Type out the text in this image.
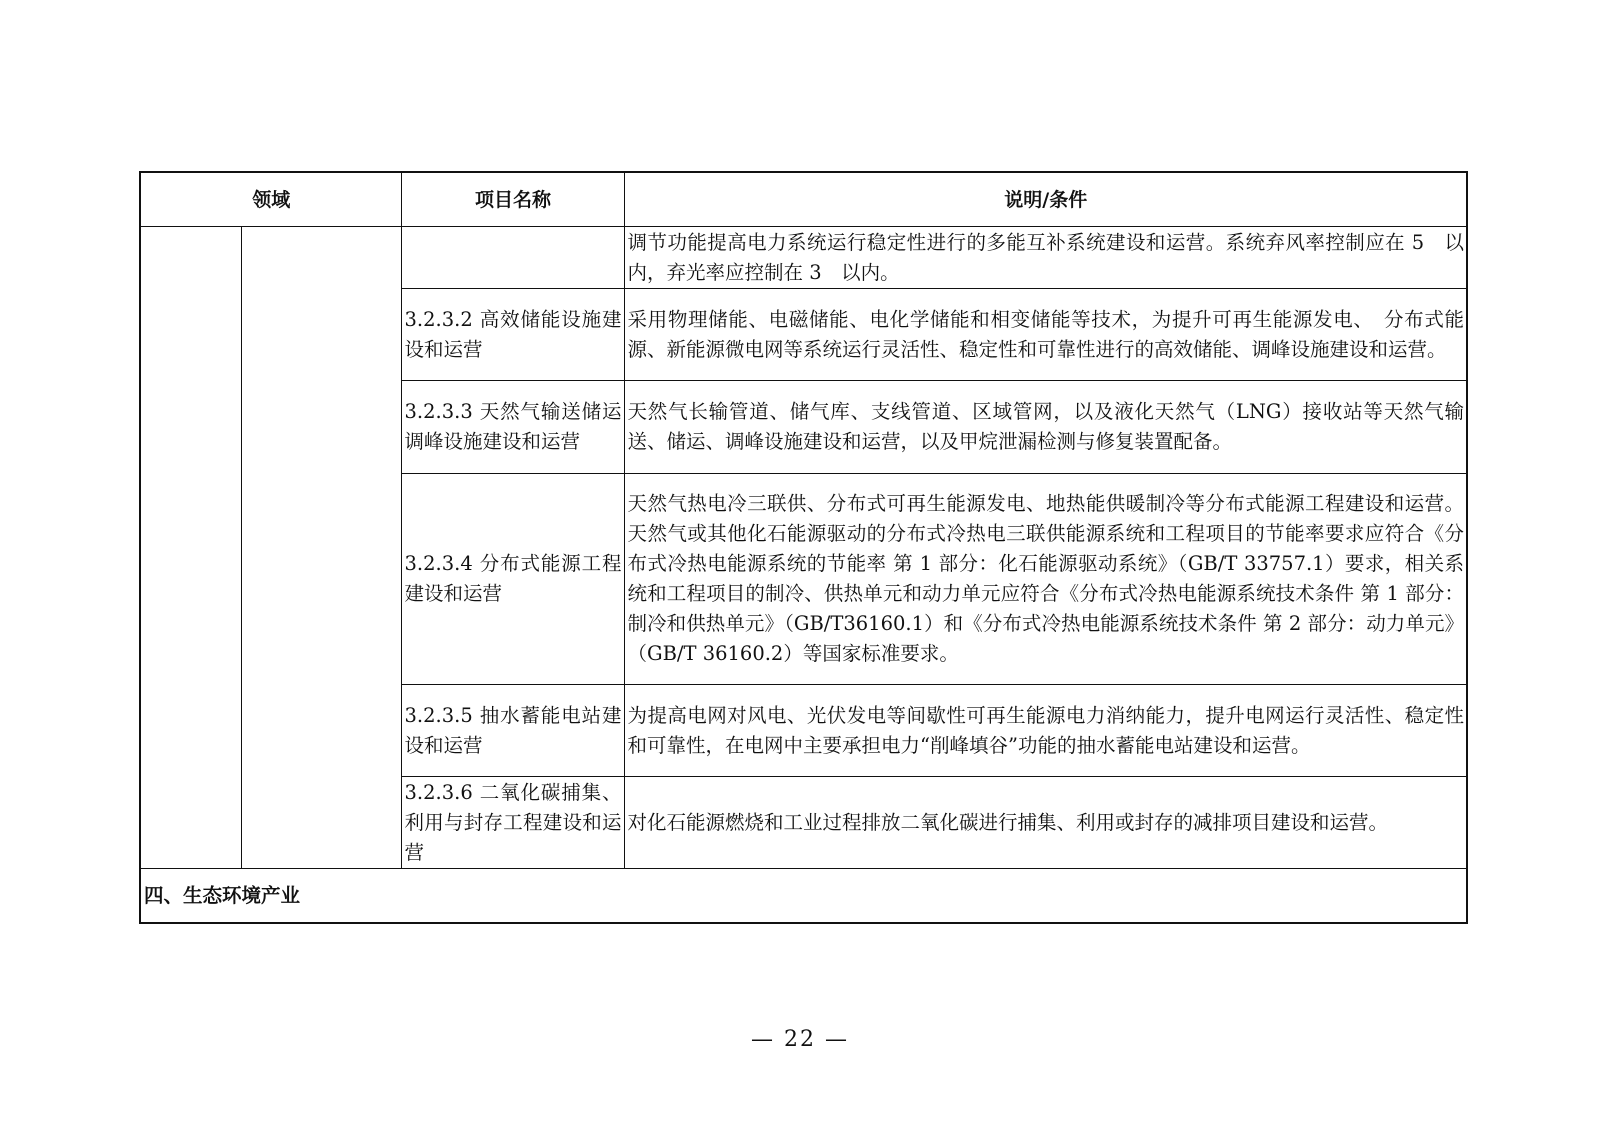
领域		项目名称	说明/条件
			调节功能提高电力系统运行稳定性进行的多能互补系统建设和运营。系统弃风率控制应在 5　以内，弃光率应控制在 3　以内。
		3.2.3.2 高效储能设施建设和运营	采用物理储能、电磁储能、电化学储能和相变储能等技术，为提升可再生能源发电、　分布式能源、新能源微电网等系统运行灵活性、稳定性和可靠性进行的高效储能、调峰设施建设和运营。
		3.2.3.3 天然气输送储运调峰设施建设和运营	天然气长输管道、储气库、支线管道、区域管网，以及液化天然气（LNG）接收站等天然气输送、储运、调峰设施建设和运营，以及甲烷泄漏检测与修复装置配备。
		3.2.3.4 分布式能源工程建设和运营	天然气热电冷三联供、分布式可再生能源发电、地热能供暖制冷等分布式能源工程建设和运营。天然气或其他化石能源驱动的分布式冷热电三联供能源系统和工程项目的节能率要求应符合《分布式冷热电能源系统的节能率 第 1 部分：化石能源驱动系统》（GB/T 33757.1）要求，相关系统和工程项目的制冷、供热单元和动力单元应符合《分布式冷热电能源系统技术条件 第 1 部分：制冷和供热单元》（GB/T36160.1）和《分布式冷热电能源系统技术条件 第 2 部分：动力单元》（GB/T 36160.2）等国家标准要求。
		3.2.3.5 抽水蓄能电站建设和运营	为提高电网对风电、光伏发电等间歇性可再生能源电力消纳能力，提升电网运行灵活性、稳定性和可靠性，在电网中主要承担电力“削峰填谷”功能的抽水蓄能电站建设和运营。
		3.2.3.6 二氧化碳捕集、利用与封存工程建设和运营	对化石能源燃烧和工业过程排放二氧化碳进行捕集、利用或封存的减排项目建设和运营。
四、生态环境产业			
— 22 —
